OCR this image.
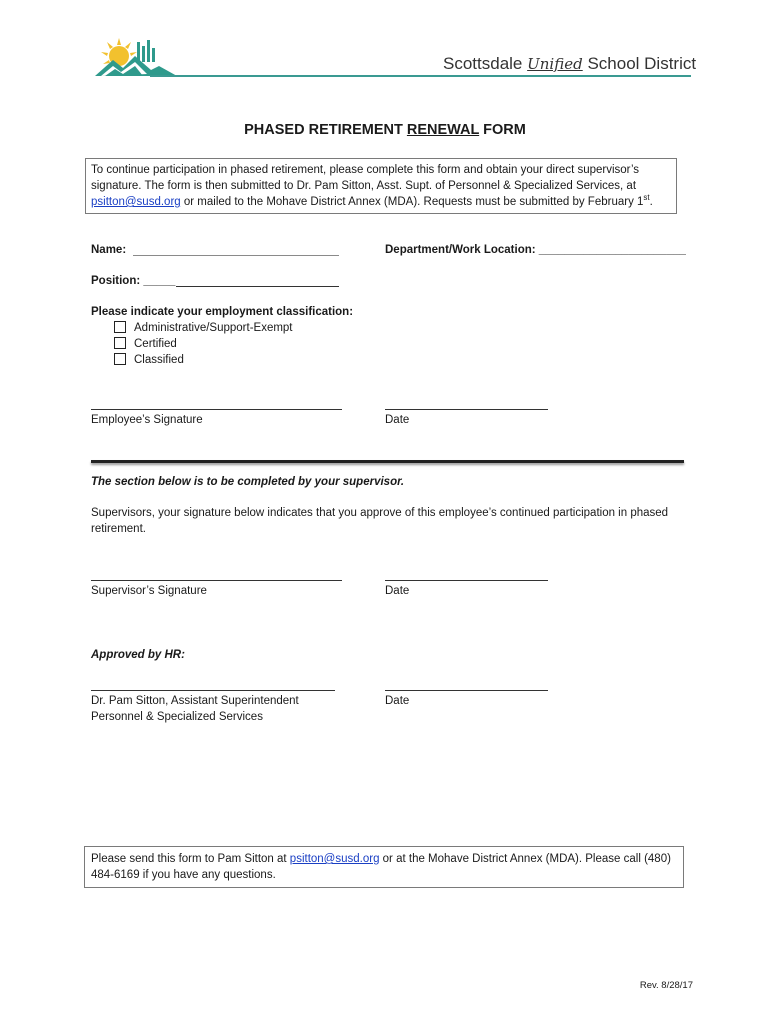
Scottsdale Unified School District
PHASED RETIREMENT RENEWAL FORM
To continue participation in phased retirement, please complete this form and obtain your direct supervisor’s
signature. The form is then submitted to Dr. Pam Sitton, Asst. Supt. of Personnel & Specialized Services, at
psitton@susd.org or mailed to the Mohave District Annex (MDA). Requests must be submitted by February 1st.
Name:	Department/Work Location: _______________________
Position: _____
Please indicate your employment classification:
Administrative/Support-Exempt
Certified
Classified
Employee’s Signature	Date
The section below is to be completed by your supervisor.
Supervisors, your signature below indicates that you approve of this employee’s continued participation in phased
retirement.
Supervisor’s Signature	Date
Approved by HR:
Dr. Pam Sitton, Assistant Superintendent
Personnel & Specialized Services
Date
Please send this form to Pam Sitton at psitton@susd.org or at the Mohave District Annex (MDA). Please call (480)
484-6169 if you have any questions.
Rev. 8/28/17
